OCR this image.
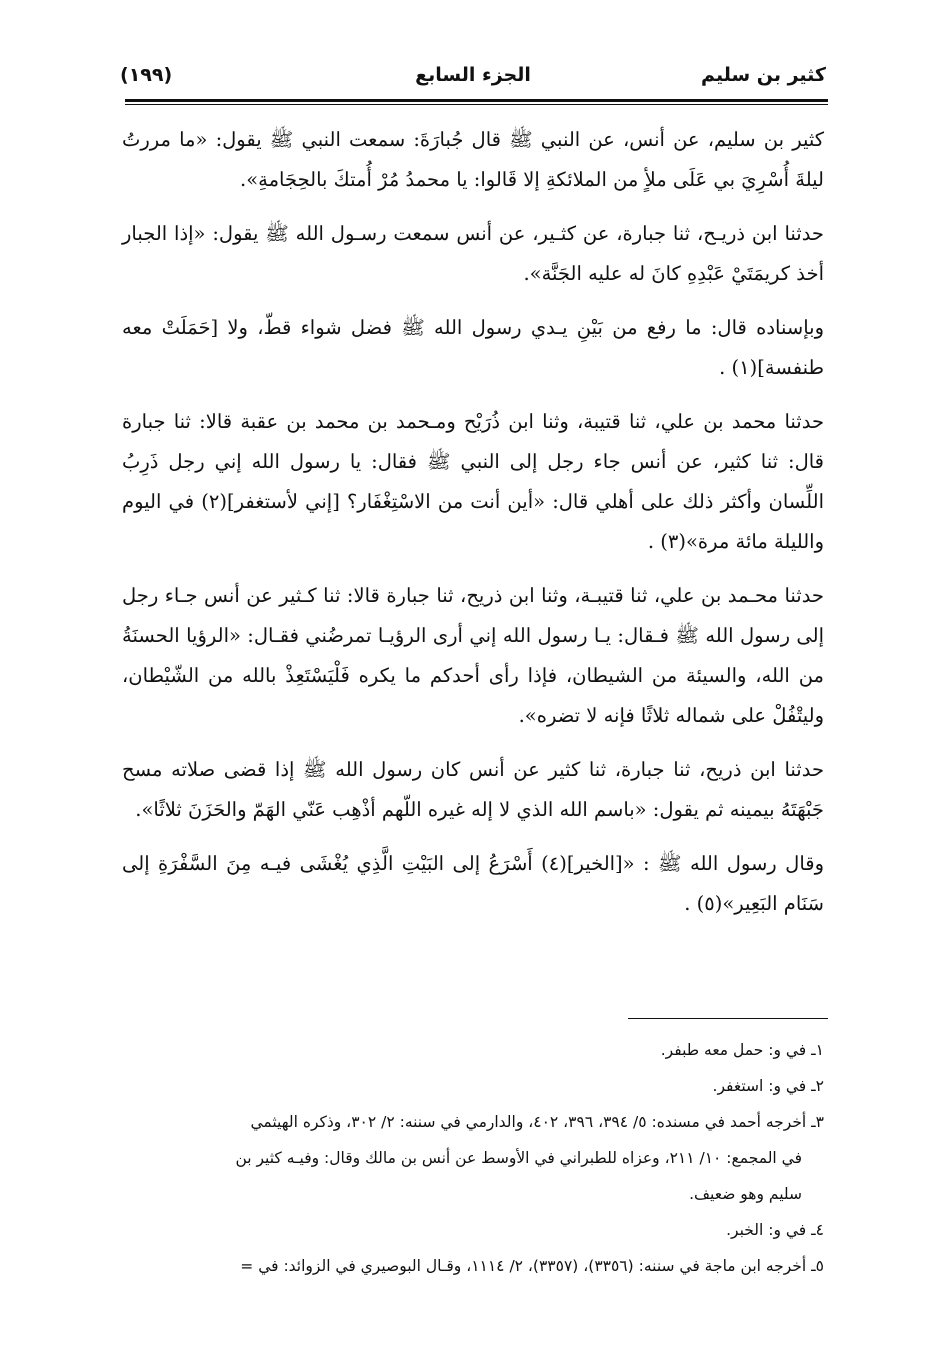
كثير بن سليم
الجزء السابع
(١٩٩)

كثير بن سليم، عن أنس، عن النبي ﷺ قال جُبارَةَ: سمعت النبي ﷺ يقول: «ما مررتُ ليلةَ أُسْرِيَ بي عَلَى ملأٍ من الملائكةِ إلا قَالوا: يا محمدُ مُرْ أُمتكَ بالحِجَامةِ».

حدثنا ابن ذريـح، ثنا جبارة، عن كثـير، عن أنس سمعت رسـول الله ﷺ يقول: «إذا الجبار أخذ كريمَتَيْ عَبْدِهِ كانَ له عليه الجَنَّة».

وبإسناده قال: ما رفع من بَيْنِ يـدي رسول الله ﷺ فضل شواء قطّ، ولا [حَمَلَتْ معه طنفسة](١) .

حدثنا محمد بن علي، ثنا قتيبة، وثنا ابن ذُرَيْح ومـحمد بن محمد بن عقبة قالا: ثنا جبارة قال: ثنا كثير، عن أنس جاء رجل إلى النبي ﷺ فقال: يا رسول الله إني رجل ذَرِبُ اللِّسان وأكثر ذلك على أهلي قال: «أين أنت من الاسْتِغْفَار؟ [إني لأستغفر](٢) في اليوم والليلة مائة مرة»(٣) .

حدثنا محـمد بن علي، ثنا قتيبـة، وثنا ابن ذريح، ثنا جبارة قالا: ثنا كـثير عن أنس جـاء رجل إلى رسول الله ﷺ فـقال: يـا رسول الله إني أرى الرؤيـا تمرضُني فقـال: «الرؤيا الحسنَةُ من الله، والسيئة من الشيطان، فإذا رأى أحدكم ما يكره فَلْيَسْتَعِذْ بالله من الشّيْطان، وليتْفُلْ على شماله ثلاثًا فإنه لا تضره».

حدثنا ابن ذريح، ثنا جبارة، ثنا كثير عن أنس كان رسول الله ﷺ إذا قضى صلاته مسح جَبْهَتَهُ بيمينه ثم يقول: «باسم الله الذي لا إله غيره اللّهم أذْهِب عَنّي الهَمّ والحَزَنَ ثلاثًا».

وقال رسول الله ﷺ : «[الخير](٤) أَسْرَعُ إلى البَيْتِ الَّذِي يُغْشَى فيـه مِنَ السَّفْرَةِ إلى سَنَام البَعِير»(٥) .

١ـ في و: حمل معه طبفر.

٢ـ في و: استغفر.

٣ـ أخرجه أحمد في مسنده: ٥/ ٣٩٤، ٣٩٦، ٤٠٢، والدارمي في سننه: ٢/ ٣٠٢، وذكره الهيثمي

في المجمع: ١٠/ ٢١١، وعزاه للطبراني في الأوسط عن أنس بن مالك وقال: وفيـه كثير بن

سليم وهو ضعيف.

٤ـ في و: الخبر.

٥ـ أخرجه ابن ماجة في سننه: (٣٣٥٦)، (٣٣٥٧)، ٢/ ١١١٤، وقـال البوصيري في الزوائد: في =
